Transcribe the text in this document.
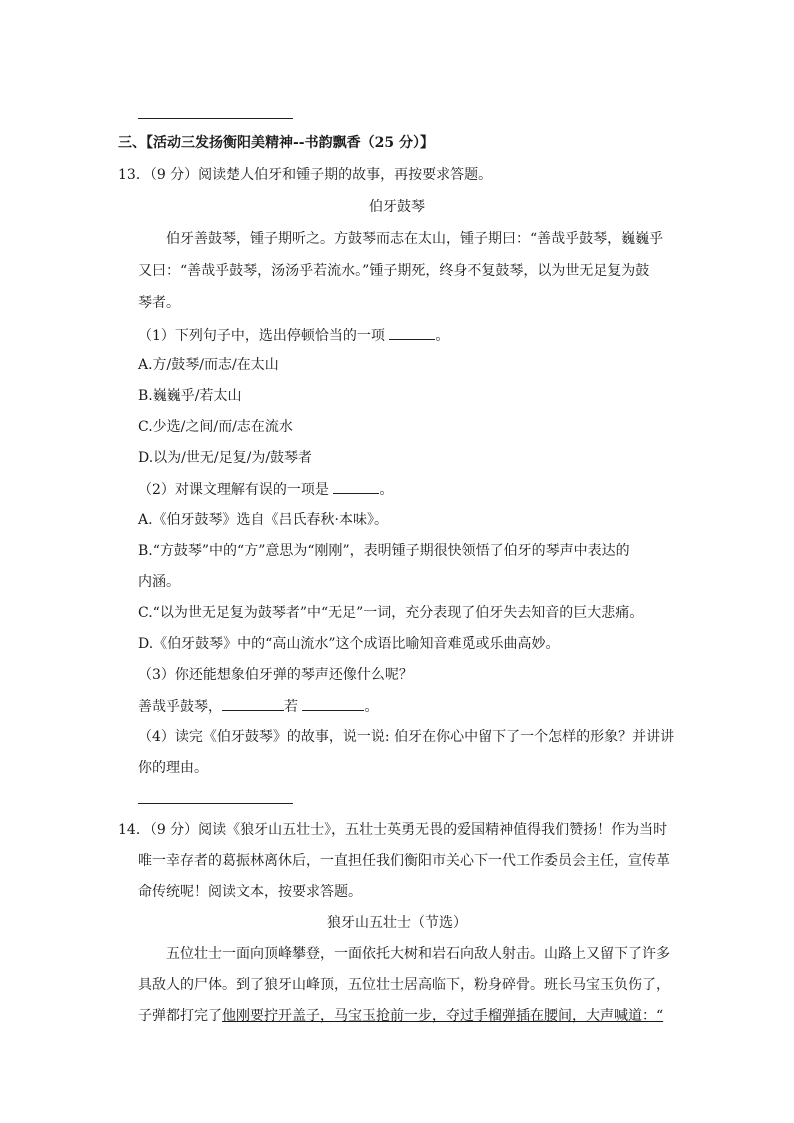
三、【活动三发扬衡阳美精神--书韵飘香（25 分）】
13．（9 分）阅读楚人伯牙和锺子期的故事，再按要求答题。
伯牙鼓琴
伯牙善鼓琴，锺子期听之。方鼓琴而志在太山，锺子期曰：“善哉乎鼓琴，巍巍乎
又曰：“善哉乎鼓琴，汤汤乎若流水。”锺子期死，终身不复鼓琴，以为世无足复为鼓
琴者。
（1）下列句子中，选出停顿恰当的一项	。
A.方/鼓琴/而志/在太山
B.巍巍乎/若太山
C.少选/之间/而/志在流水
D.以为/世无/足复/为/鼓琴者
（2）对课文理解有误的一项是	。
A.《伯牙鼓琴》选自《吕氏春秋·本味》。
B.“方鼓琴”中的“方”意思为“刚刚”，表明锺子期很快领悟了伯牙的琴声中表达的
内涵。
C.“以为世无足复为鼓琴者”中“无足”一词，充分表现了伯牙失去知音的巨大悲痛。
D.《伯牙鼓琴》中的“高山流水”这个成语比喻知音难觅或乐曲高妙。
（3）你还能想象伯牙弹的琴声还像什么呢？
善哉乎鼓琴，	若	。
（4）读完《伯牙鼓琴》的故事，说一说: 伯牙在你心中留下了一个怎样的形象？并讲讲
你的理由。
14．（9 分）阅读《狼牙山五壮士》，五壮士英勇无畏的爱国精神值得我们赞扬！作为当时
唯一幸存者的葛振林离休后，一直担任我们衡阳市关心下一代工作委员会主任，宣传革
命传统呢！阅读文本，按要求答题。
狼牙山五壮士（节选）
五位壮士一面向顶峰攀登，一面依托大树和岩石向敌人射击。山路上又留下了许多
具敌人的尸体。到了狼牙山峰顶，五位壮士居高临下，粉身碎骨。班长马宝玉负伤了，
子弹都打完了他刚要拧开盖子，马宝玉抢前一步，夺过手榴弹插在腰间，大声喊道：“
